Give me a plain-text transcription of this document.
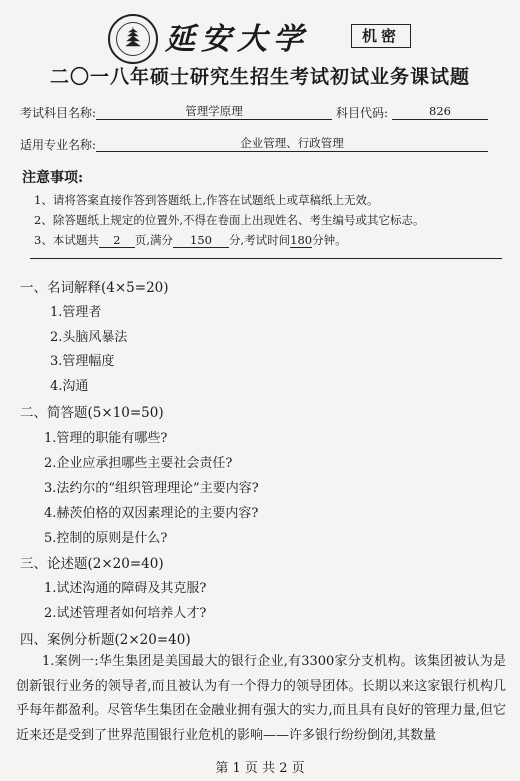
延安大学	机密
二〇一八年硕士研究生招生考试初试业务课试题
考试科目名称:	管理学原理	科目代码:	826
适用专业名称:	企业管理、行政管理
注意事项:
1、请将答案直接作答到答题纸上,作答在试题纸上或草稿纸上无效。
2、除答题纸上规定的位置外,不得在卷面上出现姓名、考生编号或其它标志。
3、本试题共 2 页,满分 150 分,考试时间180分钟。
一、名词解释(4×5=20)
1.管理者
2.头脑风暴法
3.管理幅度
4.沟通
二、简答题(5×10=50)
1.管理的职能有哪些?
2.企业应承担哪些主要社会责任?
3.法约尔的“组织管理理论”主要内容?
4.赫茨伯格的双因素理论的主要内容?
5.控制的原则是什么?
三、论述题(2×20=40)
1.试述沟通的障碍及其克服?
2.试述管理者如何培养人才?
四、案例分析题(2×20=40)
1.案例一:华生集团是美国最大的银行企业,有3300家分支机构。该集团被认为是创新银行业务的领导者,而且被认为有一个得力的领导团体。长期以来这家银行机构几乎每年都盈利。尽管华生集团在金融业拥有强大的实力,而且具有良好的管理力量,但它近来还是受到了世界范围银行业危机的影响——许多银行纷纷倒闭,其数量
第 1 页 共 2 页
